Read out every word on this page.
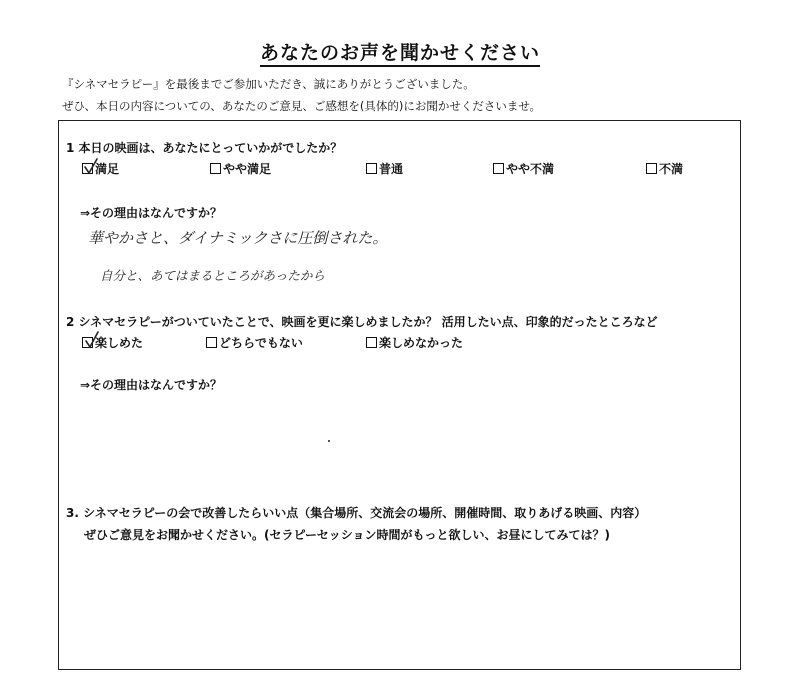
あなたのお声を聞かせください
『シネマセラピー』を最後までご参加いただき、誠にありがとうございました。
ぜひ、本日の内容についての、あなたのご意見、ご感想を(具体的)にお聞かせくださいませ。
1 本日の映画は、あなたにとっていかがでしたか？
満足	やや満足	普通	やや不満	不満
⇒その理由はなんですか？
華やかさと、ダイナミックさに圧倒された。
自分と、あてはまるところがあったから
2 シネマセラピーがついていたことで、映画を更に楽しめましたか？ 活用したい点、印象的だったところなど
楽しめた	どちらでもない	楽しめなかった
⇒その理由はなんですか？
3. シネマセラピーの会で改善したらいい点（集合場所、交流会の場所、開催時間、取りあげる映画、内容）
ぜひご意見をお聞かせください。(セラピーセッション時間がもっと欲しい、お昼にしてみては？)
